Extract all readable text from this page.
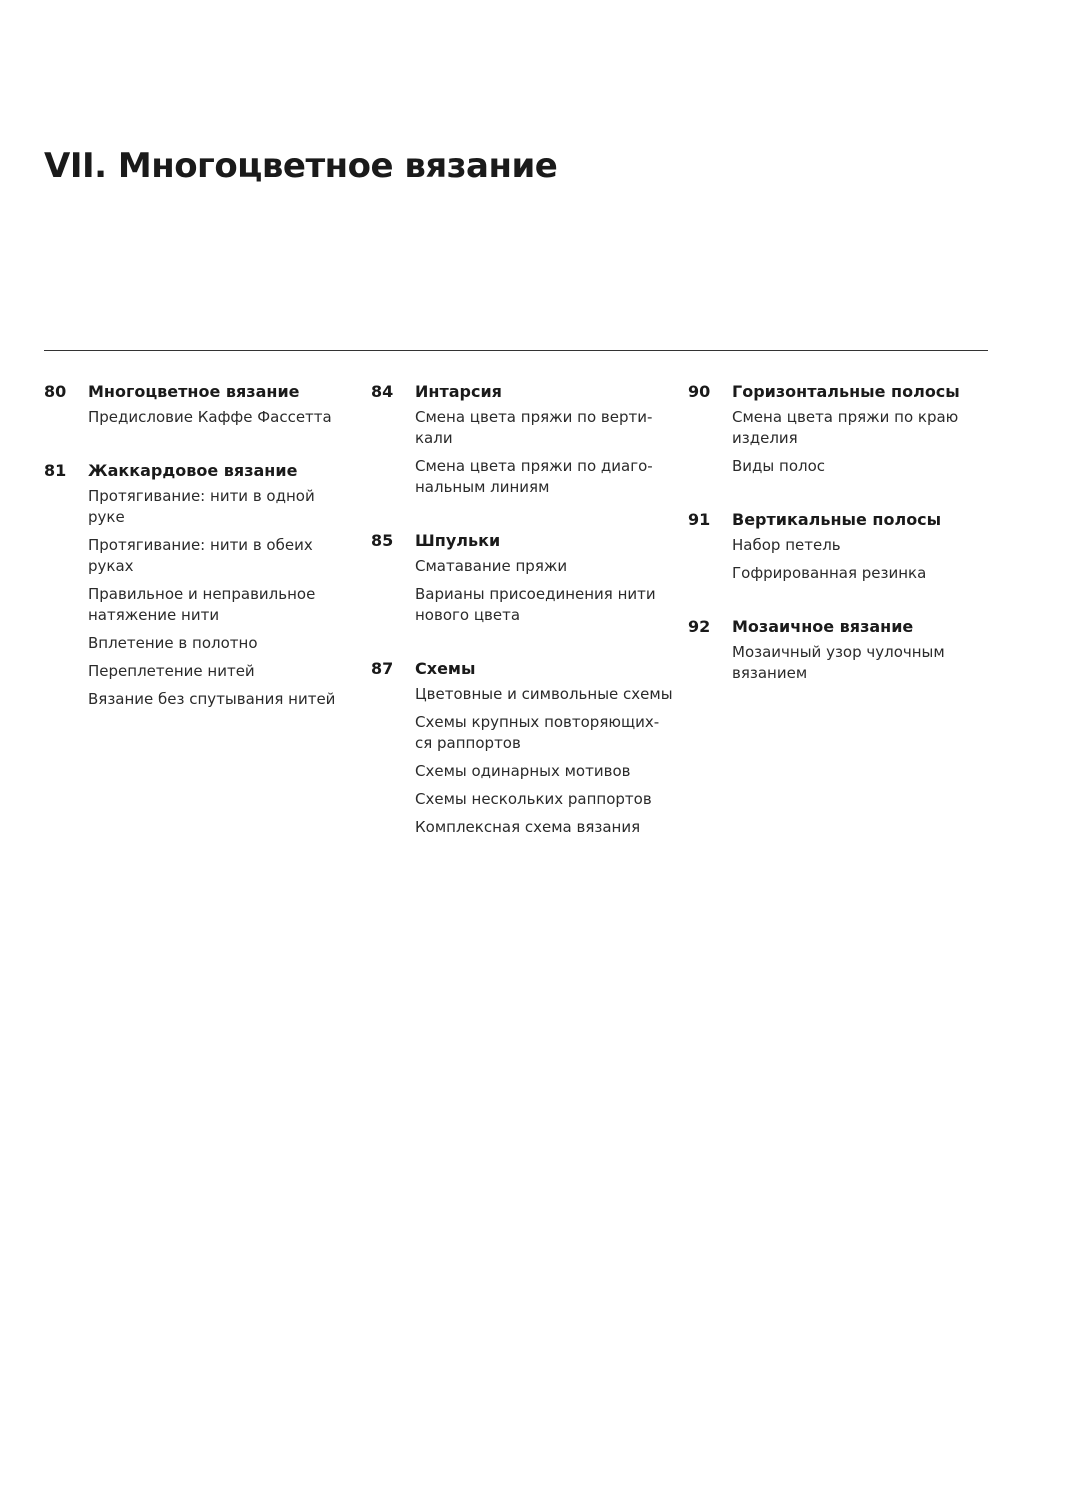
VII. Многоцветное вязание
80	Многоцветное вязание
Предисловие Каффе Фассетта
81	Жаккардовое вязание
Протягивание: нити в одной руке
Протягивание: нити в обеих руках
Правильное и неправильное натяжение нити
Вплетение в полотно
Переплетение нитей
Вязание без спутывания нитей
84	Интарсия
Смена цвета пряжи по верти-кали
Смена цвета пряжи по диаго-нальным линиям
85	Шпульки
Сматавание пряжи
Варианы присоединения нити нового цвета
87	Схемы
Цветовные и символьные схемы
Схемы крупных повторяющих-ся раппортов
Схемы одинарных мотивов
Схемы нескольких раппортов
Комплексная схема вязания
90	Горизонтальные полосы
Смена цвета пряжи по краю изделия
Виды полос
91	Вертикальные полосы
Набор петель
Гофрированная резинка
92	Мозаичное вязание
Мозаичный узор чулочным вязанием
